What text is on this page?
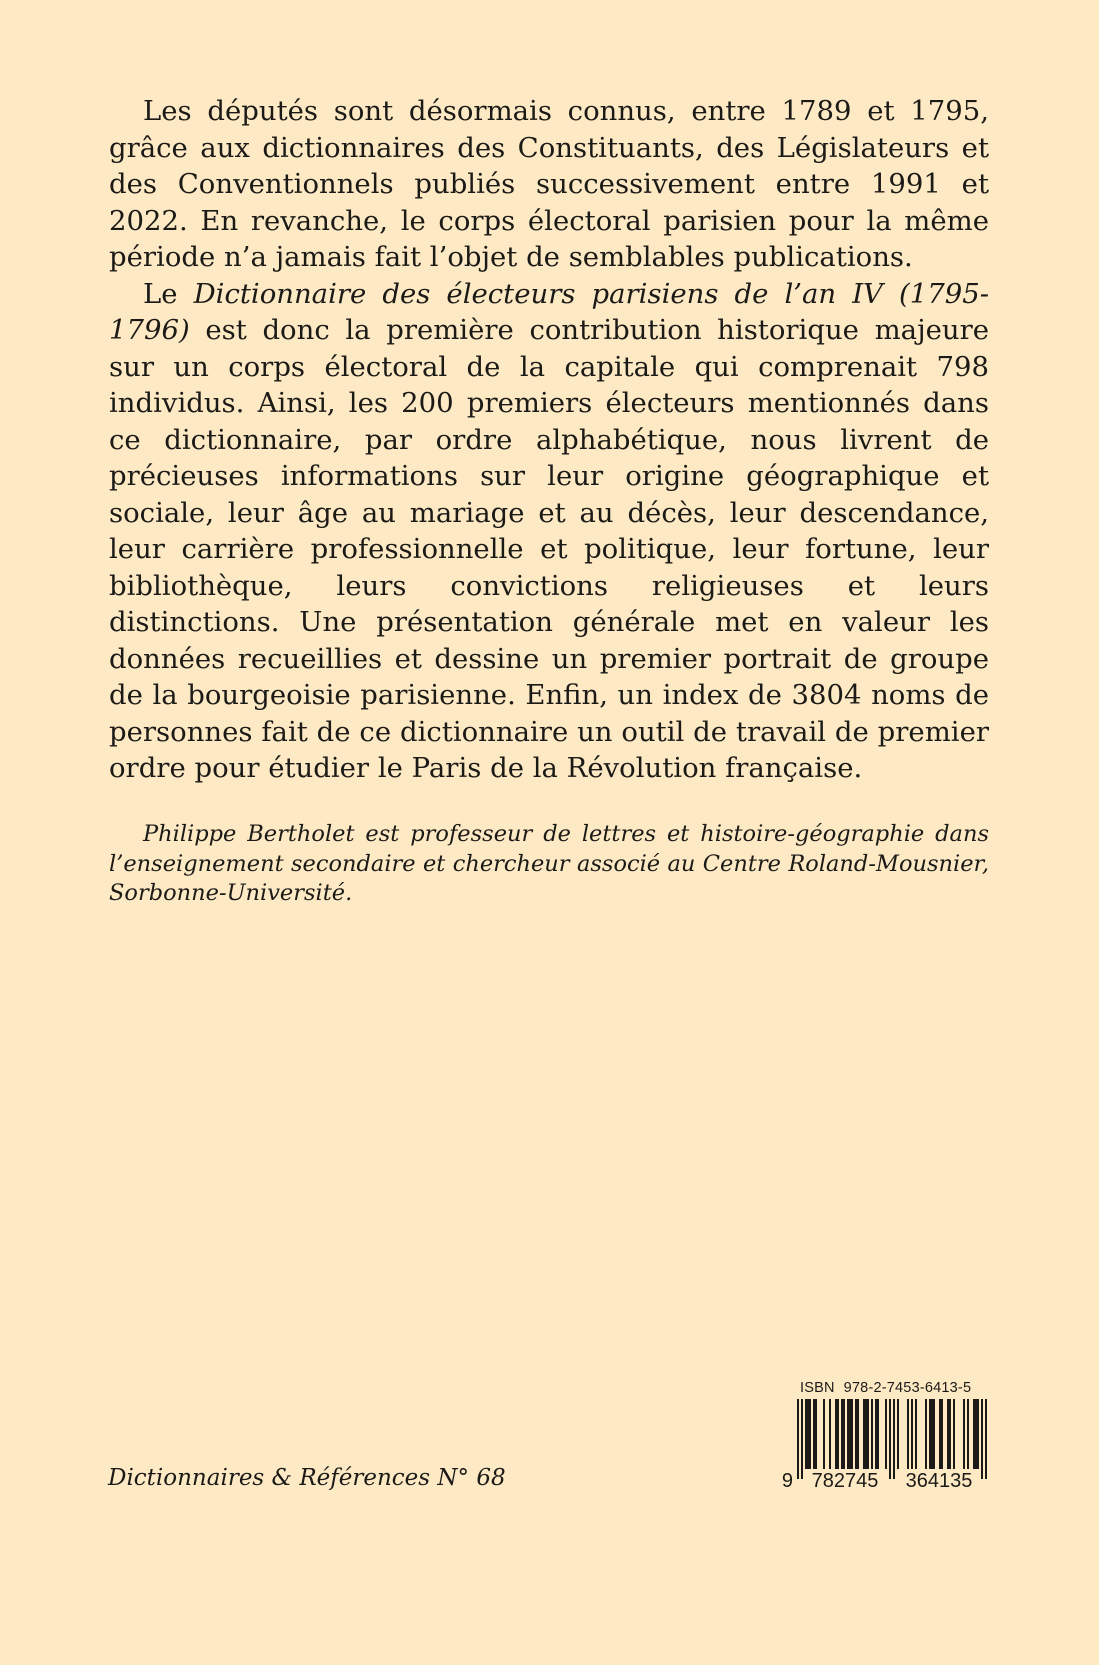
Les députés sont désormais connus, entre 1789 et 1795, grâce aux dictionnaires des Constituants, des Législateurs et des Conventionnels publiés successivement entre 1991 et 2022. En revanche, le corps électoral parisien pour la même période n’a jamais fait l’objet de semblables publications.

Le Dictionnaire des électeurs parisiens de l’an IV (1795-1796) est donc la première contribution historique majeure sur un corps électoral de la capitale qui comprenait 798 individus. Ainsi, les 200 premiers électeurs mentionnés dans ce dictionnaire, par ordre alphabétique, nous livrent de précieuses informations sur leur origine géographique et sociale, leur âge au mariage et au décès, leur descendance, leur carrière professionnelle et politique, leur fortune, leur bibliothèque, leurs convictions religieuses et leurs distinctions. Une présentation générale met en valeur les données recueillies et dessine un premier portrait de groupe de la bourgeoisie parisienne. Enfin, un index de 3804 noms de personnes fait de ce dictionnaire un outil de travail de premier ordre pour étudier le Paris de la Révolution française.

Philippe Bertholet est professeur de lettres et histoire-géographie dans l’enseignement secondaire et chercheur associé au Centre Roland-Mousnier, Sorbonne-Université.

Dictionnaires & Références N° 68

ISBN 978-2-7453-6413-5
9 782745 364135
